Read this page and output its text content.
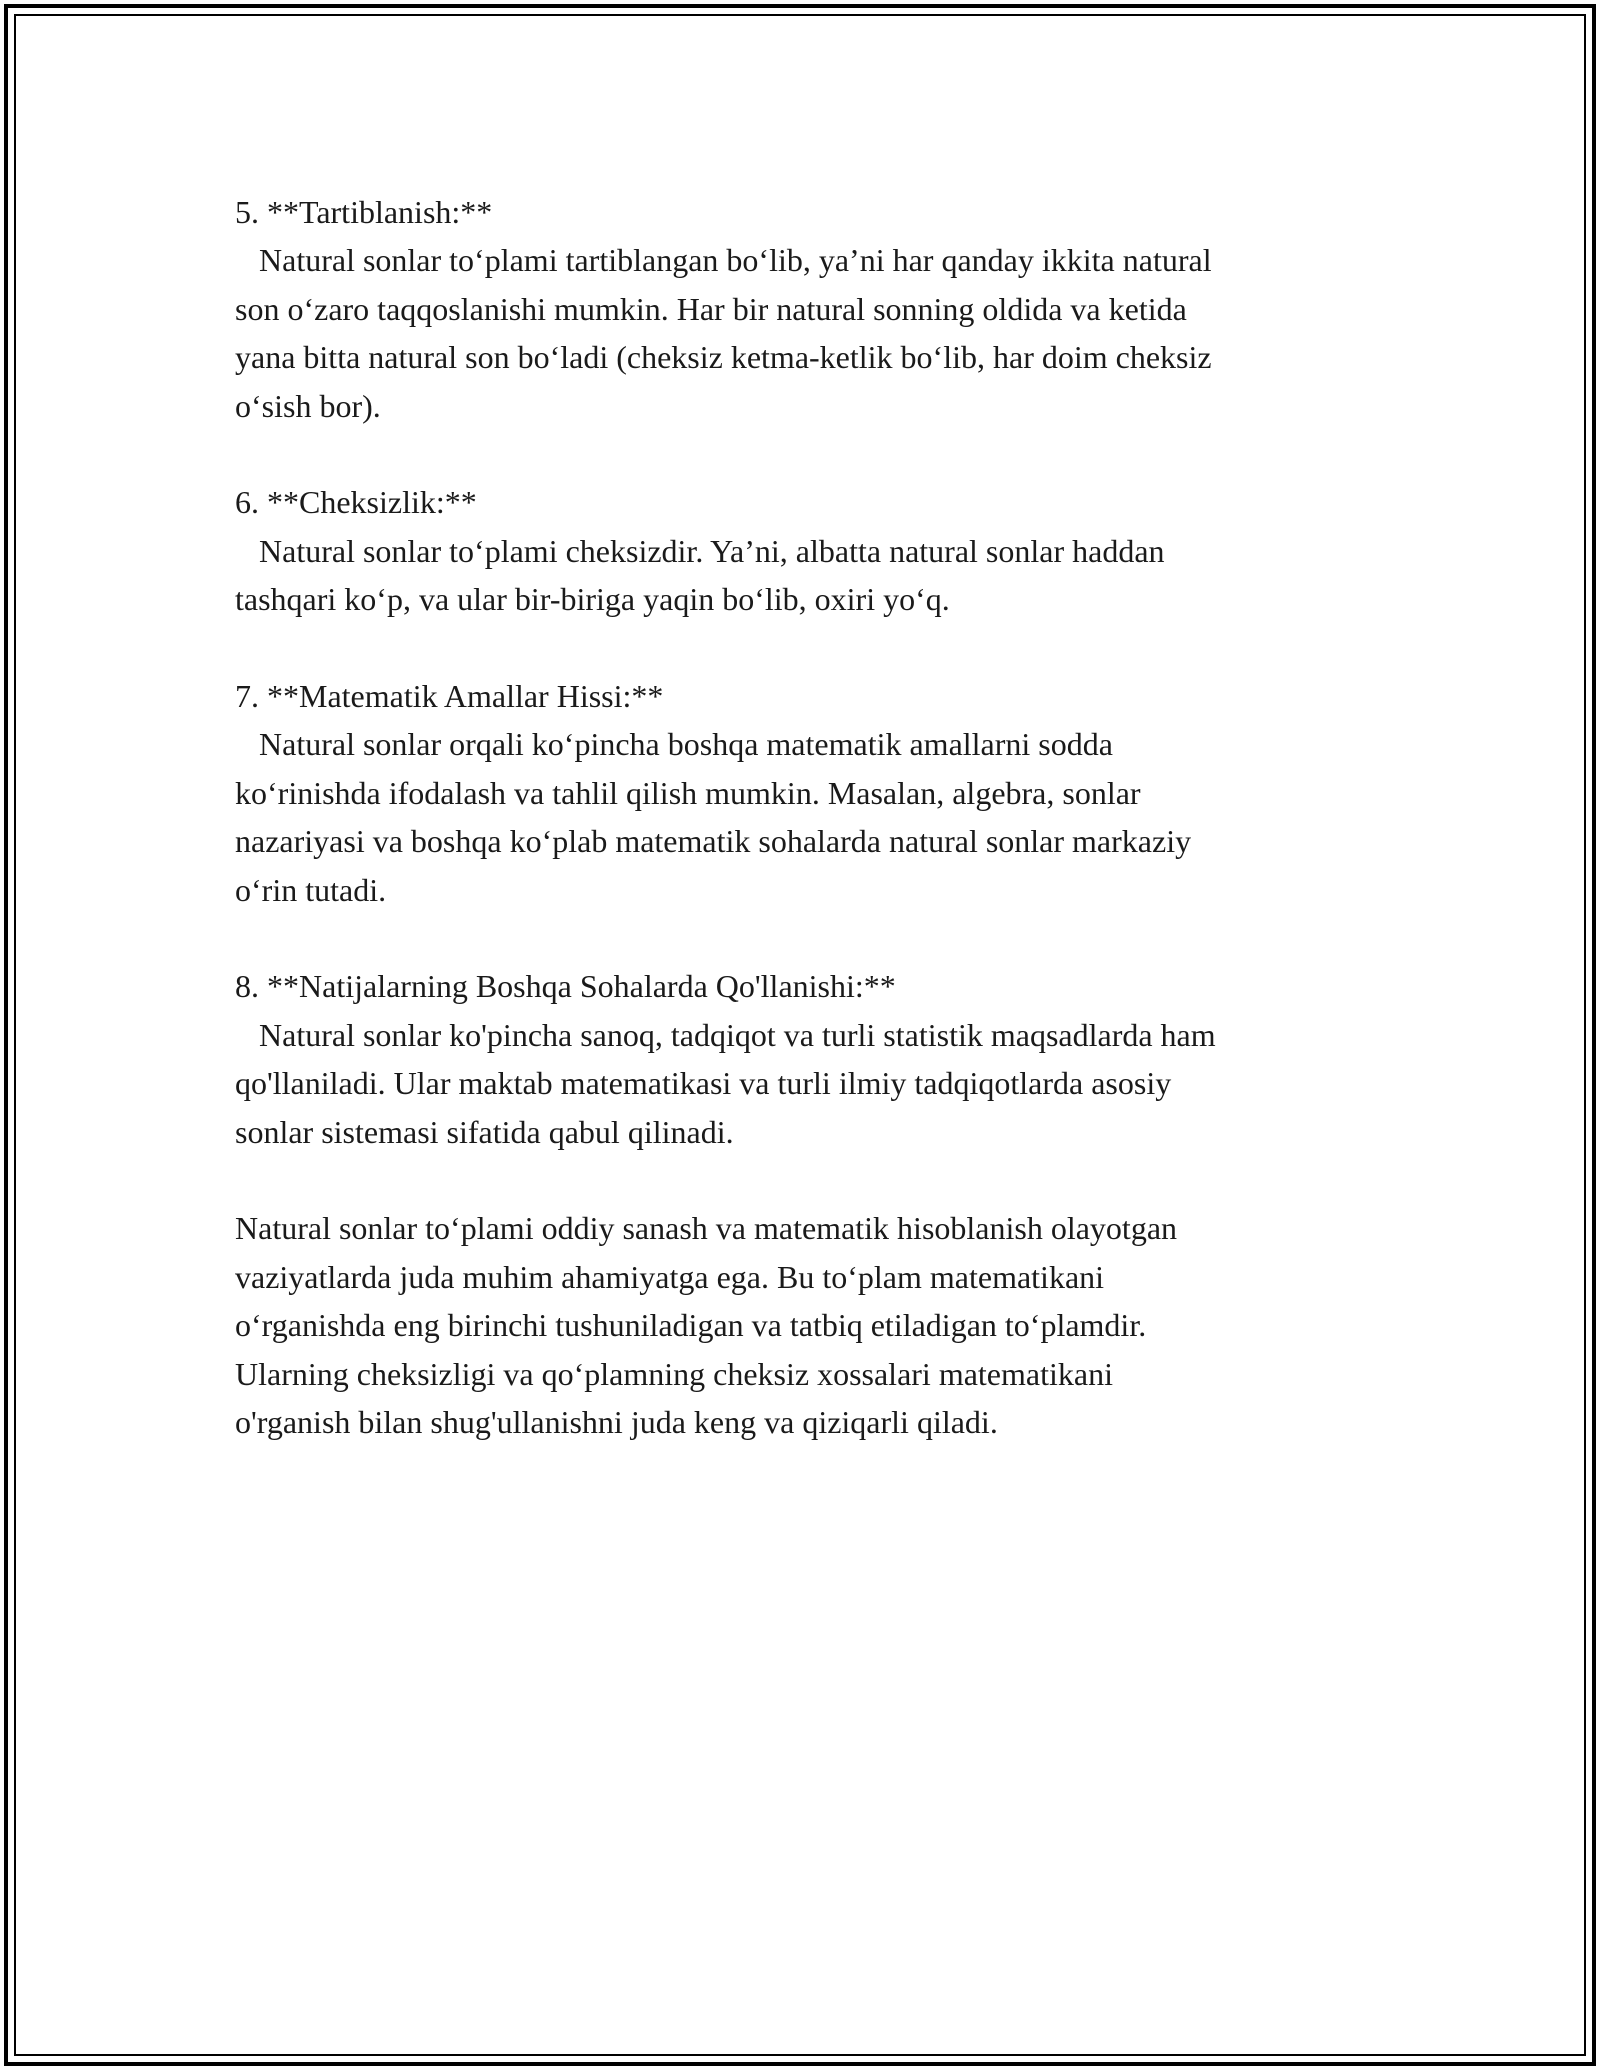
5. **Tartiblanish:**
Natural sonlar to‘plami tartiblangan bo‘lib, ya’ni har qanday ikkita natural
son o‘zaro taqqoslanishi mumkin. Har bir natural sonning oldida va ketida
yana bitta natural son bo‘ladi (cheksiz ketma-ketlik bo‘lib, har doim cheksiz
o‘sish bor).
6. **Cheksizlik:**
Natural sonlar to‘plami cheksizdir. Ya’ni, albatta natural sonlar haddan
tashqari ko‘p, va ular bir-biriga yaqin bo‘lib, oxiri yo‘q.
7. **Matematik Amallar Hissi:**
Natural sonlar orqali ko‘pincha boshqa matematik amallarni sodda
ko‘rinishda ifodalash va tahlil qilish mumkin. Masalan, algebra, sonlar
nazariyasi va boshqa ko‘plab matematik sohalarda natural sonlar markaziy
o‘rin tutadi.
8. **Natijalarning Boshqa Sohalarda Qo'llanishi:**
Natural sonlar ko'pincha sanoq, tadqiqot va turli statistik maqsadlarda ham
qo'llaniladi. Ular maktab matematikasi va turli ilmiy tadqiqotlarda asosiy
sonlar sistemasi sifatida qabul qilinadi.
Natural sonlar to‘plami oddiy sanash va matematik hisoblanish olayotgan
vaziyatlarda juda muhim ahamiyatga ega. Bu to‘plam matematikani
o‘rganishda eng birinchi tushuniladigan va tatbiq etiladigan to‘plamdir.
Ularning cheksizligi va qo‘plamning cheksiz xossalari matematikani
o'rganish bilan shug'ullanishni juda keng va qiziqarli qiladi.
